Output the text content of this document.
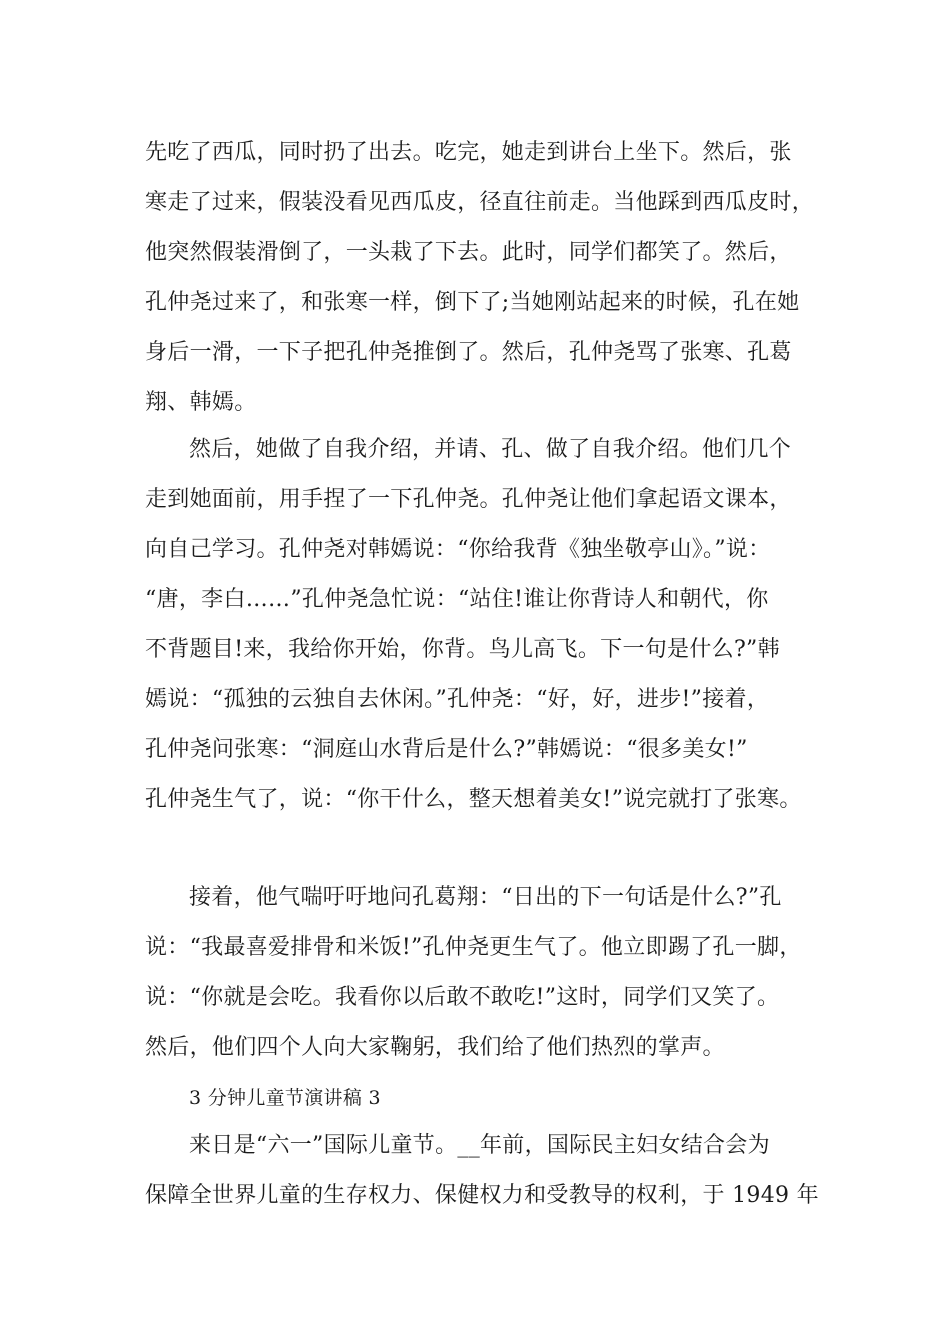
先吃了西瓜，同时扔了出去。吃完，她走到讲台上坐下。然后，张
寒走了过来，假装没看见西瓜皮，径直往前走。当他踩到西瓜皮时，
他突然假装滑倒了，一头栽了下去。此时，同学们都笑了。然后，
孔仲尧过来了，和张寒一样，倒下了;当她刚站起来的时候，孔在她
身后一滑，一下子把孔仲尧推倒了。然后，孔仲尧骂了张寒、孔葛
翔、韩嫣。
然后，她做了自我介绍，并请、孔、做了自我介绍。他们几个
走到她面前，用手捏了一下孔仲尧。孔仲尧让他们拿起语文课本，
向自己学习。孔仲尧对韩嫣说：“你给我背《独坐敬亭山》。”说：
“唐，李白……”孔仲尧急忙说：“站住!谁让你背诗人和朝代，你
不背题目!来，我给你开始，你背。鸟儿高飞。下一句是什么?”韩
嫣说：“孤独的云独自去休闲。”孔仲尧：“好，好，进步!”接着，
孔仲尧问张寒：“洞庭山水背后是什么?”韩嫣说：“很多美女!”
孔仲尧生气了，说：“你干什么，整天想着美女!”说完就打了张寒。
接着，他气喘吁吁地问孔葛翔：“日出的下一句话是什么?”孔
说：“我最喜爱排骨和米饭!”孔仲尧更生气了。他立即踢了孔一脚，
说：“你就是会吃。我看你以后敢不敢吃!”这时，同学们又笑了。
然后，他们四个人向大家鞠躬，我们给了他们热烈的掌声。
3 分钟儿童节演讲稿 3
来日是“六一”国际儿童节。__年前，国际民主妇女结合会为
保障全世界儿童的生存权力、保健权力和受教导的权利，于 1949 年
